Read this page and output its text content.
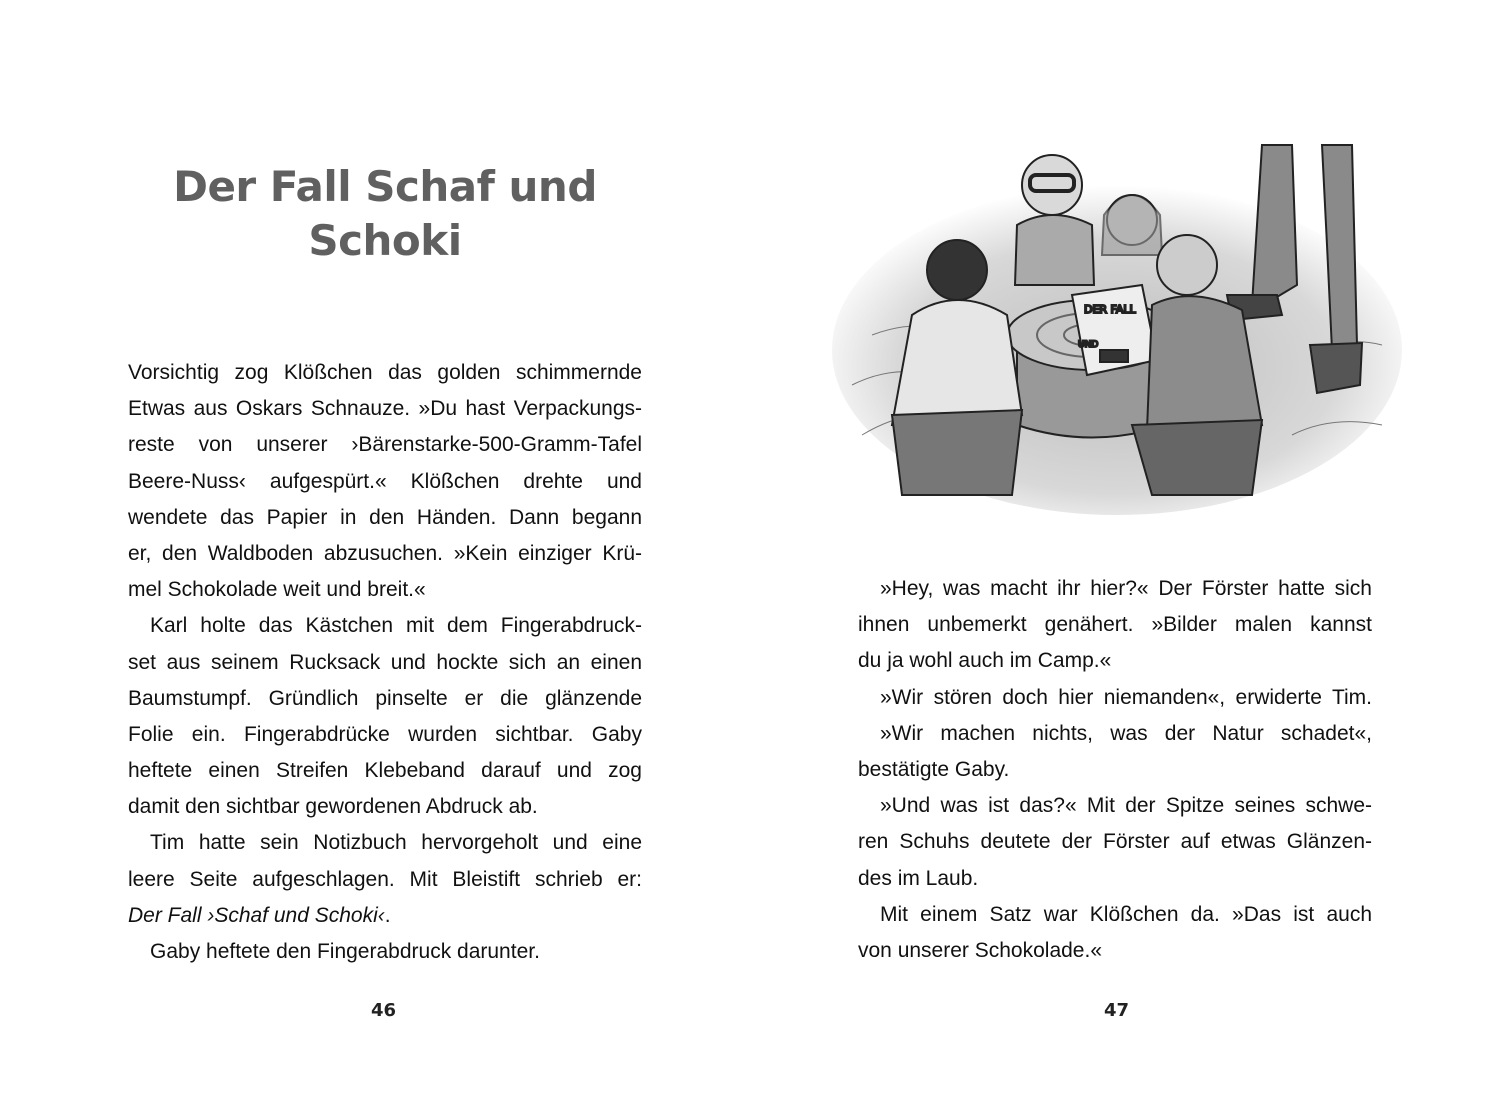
Der Fall Schaf und
Schoki
Vorsichtig zog Klößchen das golden schimmernde
Etwas aus Oskars Schnauze. »Du hast Verpackungs-
reste von unserer ›Bärenstarke-500-Gramm-Tafel
Beere-Nuss‹ aufgespürt.« Klößchen drehte und
wendete das Papier in den Händen. Dann begann
er, den Waldboden abzusuchen. »Kein einziger Krü-
mel Schokolade weit und breit.«
Karl holte das Kästchen mit dem Fingerabdruck-
set aus seinem Rucksack und hockte sich an einen
Baumstumpf. Gründlich pinselte er die glänzende
Folie ein. Fingerabdrücke wurden sichtbar. Gaby
heftete einen Streifen Klebeband darauf und zog
damit den sichtbar gewordenen Abdruck ab.
Tim hatte sein Notizbuch hervorgeholt und eine
leere Seite aufgeschlagen. Mit Bleistift schrieb er:
Der Fall ›Schaf und Schoki‹.
Gaby heftete den Fingerabdruck darunter.
»Hey, was macht ihr hier?« Der Förster hatte sich
ihnen unbemerkt genähert. »Bilder malen kannst
du ja wohl auch im Camp.«
»Wir stören doch hier niemanden«, erwiderte Tim.
»Wir machen nichts, was der Natur schadet«,
bestätigte Gaby.
»Und was ist das?« Mit der Spitze seines schwe-
ren Schuhs deutete der Förster auf etwas Glänzen-
des im Laub.
Mit einem Satz war Klößchen da. »Das ist auch
von unserer Schokolade.«
DER FALL
UND
46	47
